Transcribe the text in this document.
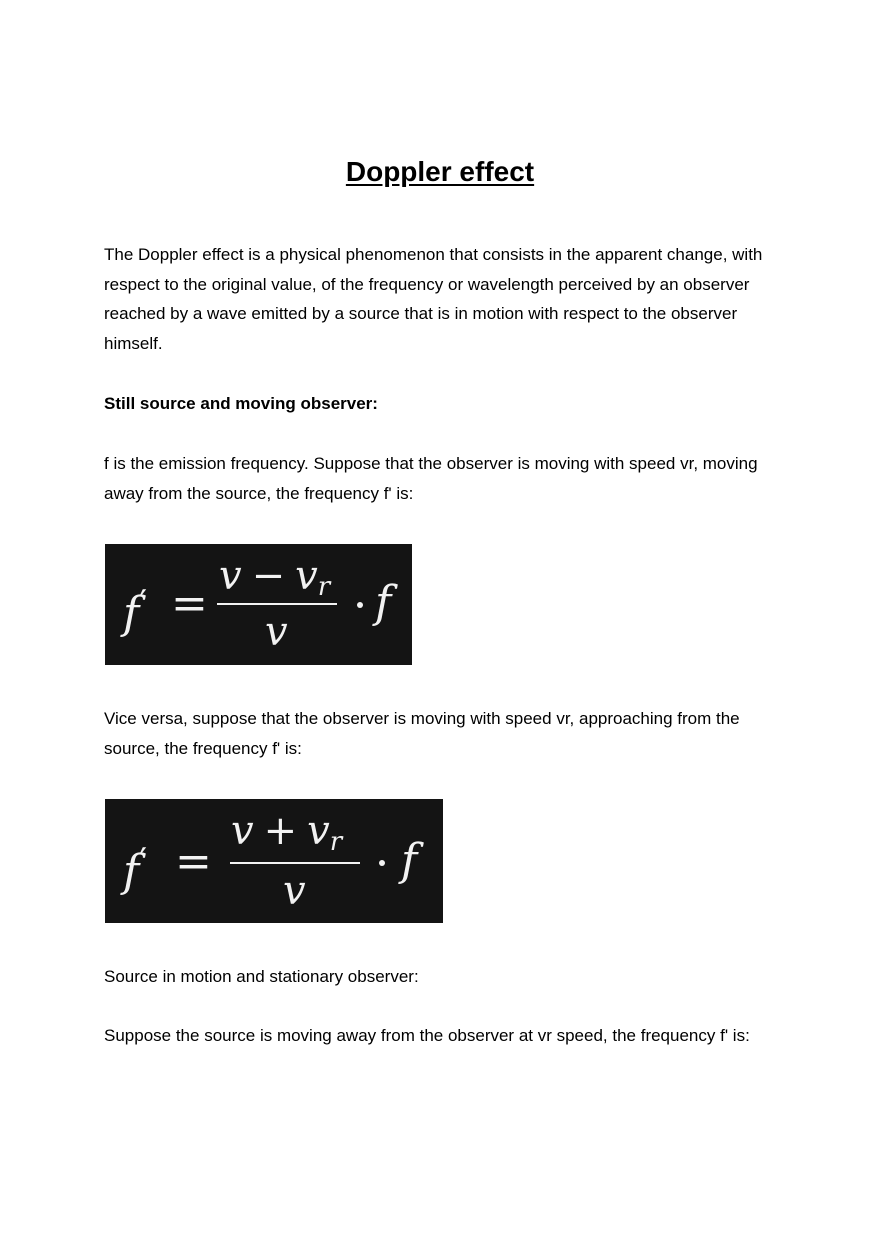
Doppler effect

The Doppler effect is a physical phenomenon that consists in the apparent change, with respect to the original value, of the frequency or wavelength perceived by an observer reached by a wave emitted by a source that is in motion with respect to the observer himself.

Still source and moving observer:

f is the emission frequency. Suppose that the observer is moving with speed vr, moving away from the source, the frequency f' is:

f′ =
$v - v_r$
v
f

Vice versa, suppose that the observer is moving with speed vr, approaching from the source, the frequency f' is:

f′ =
$v + v_r$
v
f

Source in motion and stationary observer:

Suppose the source is moving away from the observer at vr speed, the frequency f' is:
